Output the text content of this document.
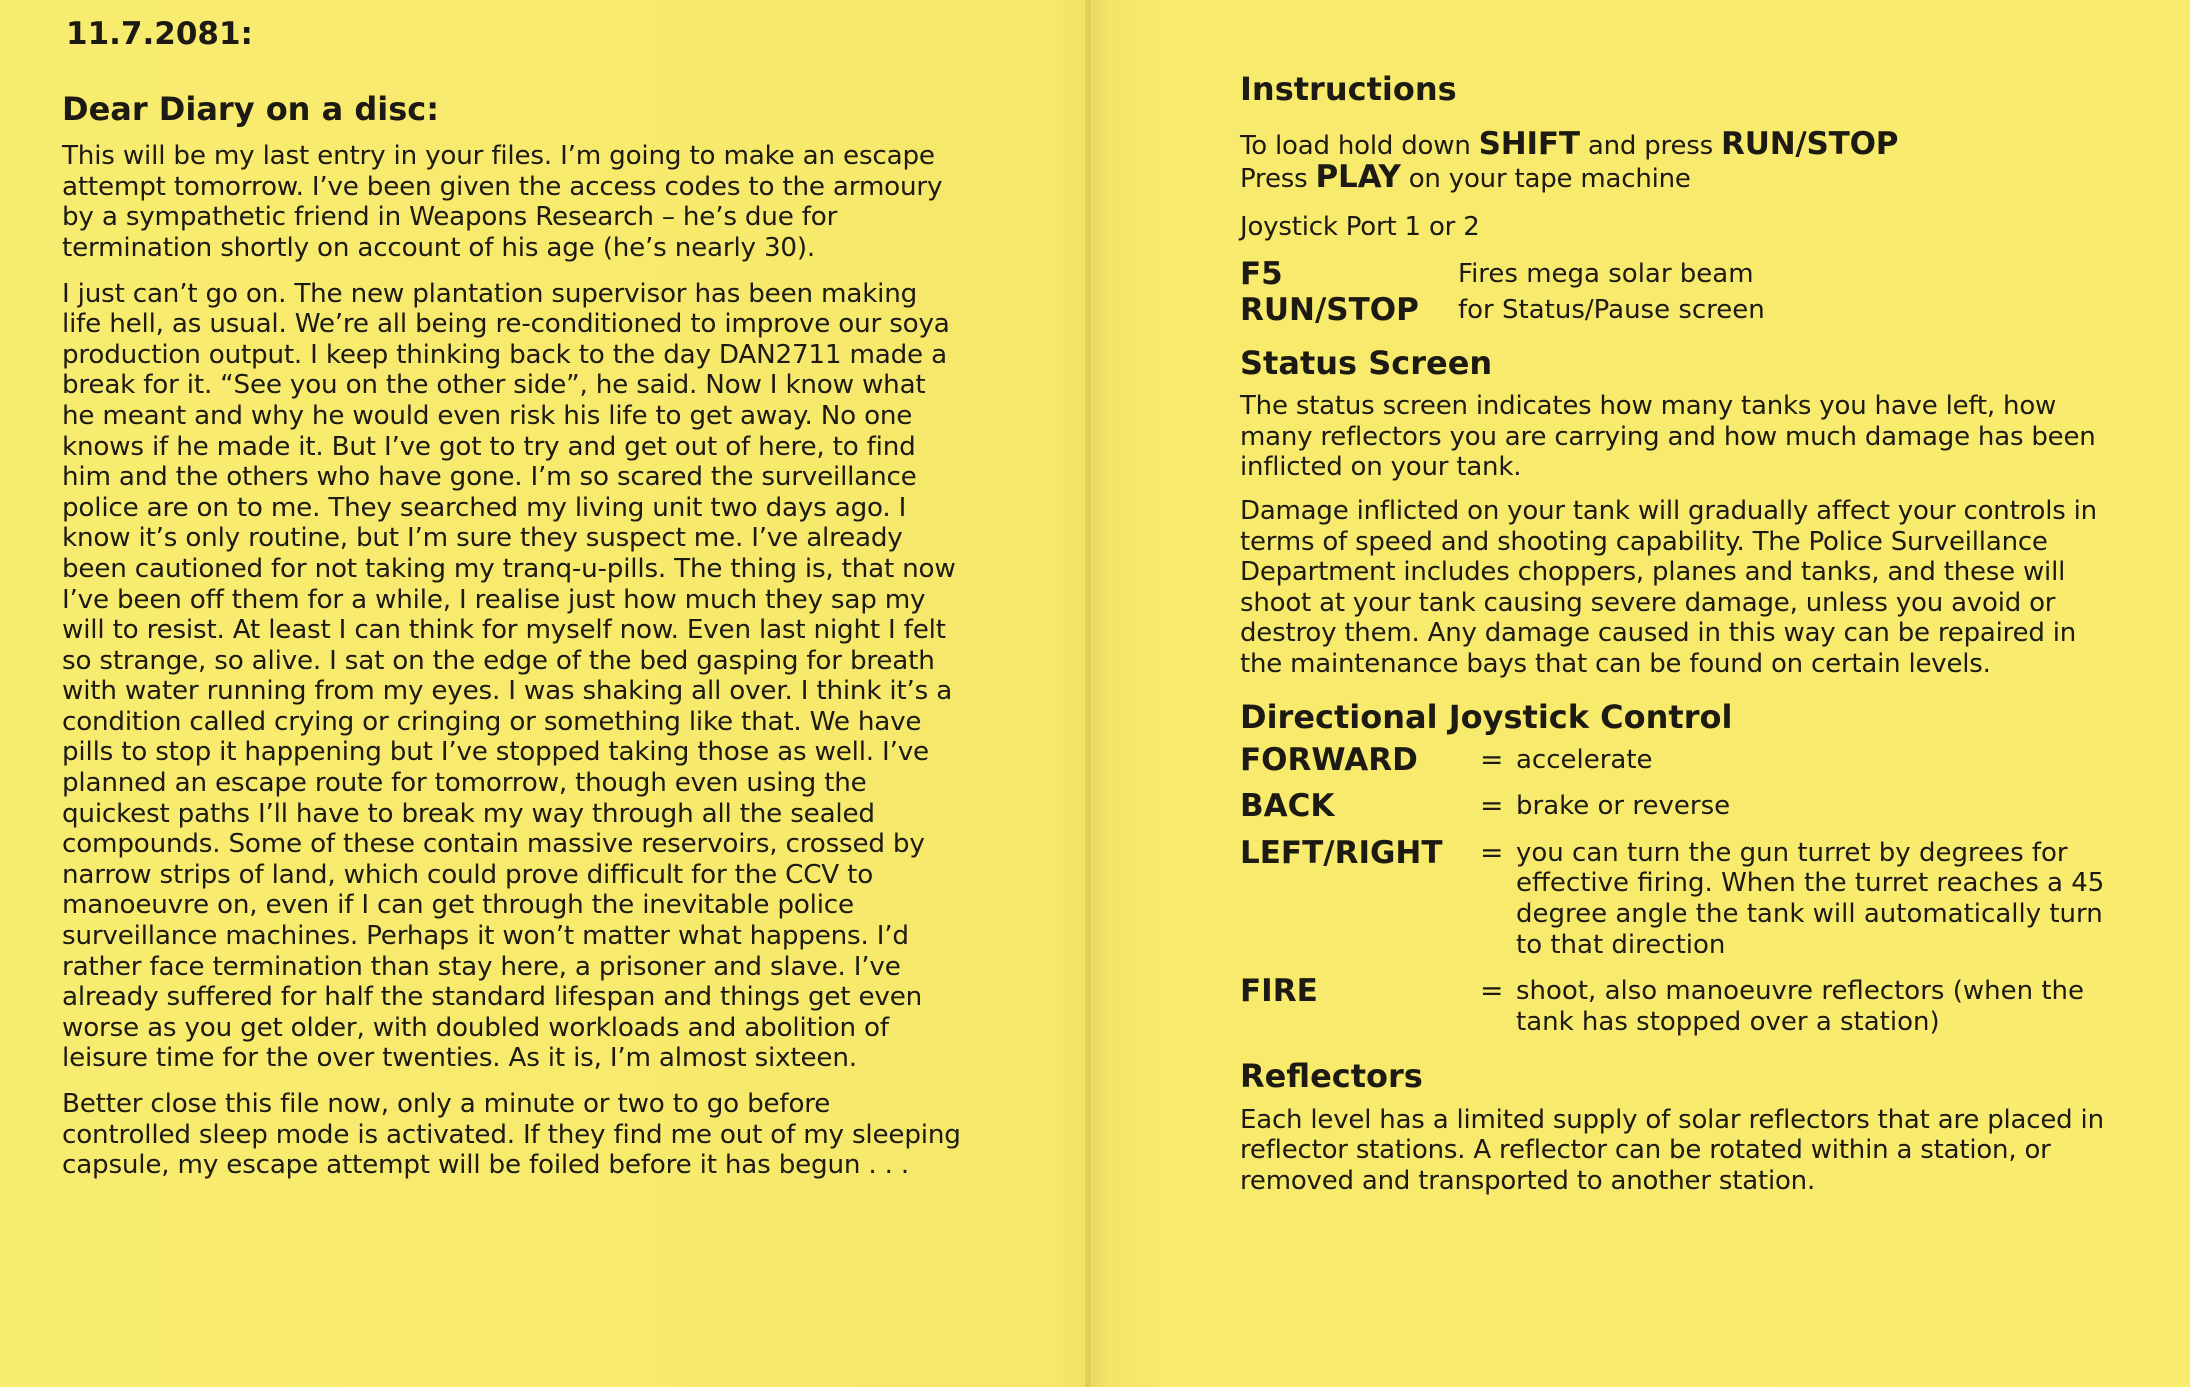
11.7.2081:
Dear Diary on a disc:

This will be my last entry in your files. I’m going to make an escape attempt tomorrow. I’ve been given the access codes to the armoury by a sympathetic friend in Weapons Research – he’s due for termination shortly on account of his age (he’s nearly 30).

I just can’t go on. The new plantation supervisor has been making life hell, as usual. We’re all being re-conditioned to improve our soya production output. I keep thinking back to the day DAN2711 made a break for it. “See you on the other side”, he said. Now I know what he meant and why he would even risk his life to get away. No one knows if he made it. But I’ve got to try and get out of here, to find him and the others who have gone. I’m so scared the surveillance police are on to me. They searched my living unit two days ago. I know it’s only routine, but I’m sure they suspect me. I’ve already been cautioned for not taking my tranq-u-pills. The thing is, that now I’ve been off them for a while, I realise just how much they sap my will to resist. At least I can think for myself now. Even last night I felt so strange, so alive. I sat on the edge of the bed gasping for breath with water running from my eyes. I was shaking all over. I think it’s a condition called crying or cringing or something like that. We have pills to stop it happening but I’ve stopped taking those as well. I’ve planned an escape route for tomorrow, though even using the quickest paths I’ll have to break my way through all the sealed compounds. Some of these contain massive reservoirs, crossed by narrow strips of land, which could prove difficult for the CCV to manoeuvre on, even if I can get through the inevitable police surveillance machines. Perhaps it won’t matter what happens. I’d rather face termination than stay here, a prisoner and slave. I’ve already suffered for half the standard lifespan and things get even worse as you get older, with doubled workloads and abolition of leisure time for the over twenties. As it is, I’m almost sixteen.

Better close this file now, only a minute or two to go before controlled sleep mode is activated. If they find me out of my sleeping capsule, my escape attempt will be foiled before it has begun . . .

Instructions

To load hold down SHIFT and press RUN/STOP
Press PLAY on your tape machine

Joystick Port 1 or 2

F5	Fires mega solar beam
RUN/STOP	for Status/Pause screen
Status Screen

The status screen indicates how many tanks you have left, how many reflectors you are carrying and how much damage has been inflicted on your tank.

Damage inflicted on your tank will gradually affect your controls in terms of speed and shooting capability. The Police Surveillance Department includes choppers, planes and tanks, and these will shoot at your tank causing severe damage, unless you avoid or destroy them. Any damage caused in this way can be repaired in the maintenance bays that can be found on certain levels.

Directional Joystick Control
FORWARD	= accelerate
BACK	= brake or reverse
LEFT/RIGHT	= you can turn the gun turret by degrees for effective firing. When the turret reaches a 45 degree angle the tank will automatically turn to that direction
FIRE	= shoot, also manoeuvre reflectors (when the tank has stopped over a station)
Reflectors

Each level has a limited supply of solar reflectors that are placed in reflector stations. A reflector can be rotated within a station, or removed and transported to another station.
